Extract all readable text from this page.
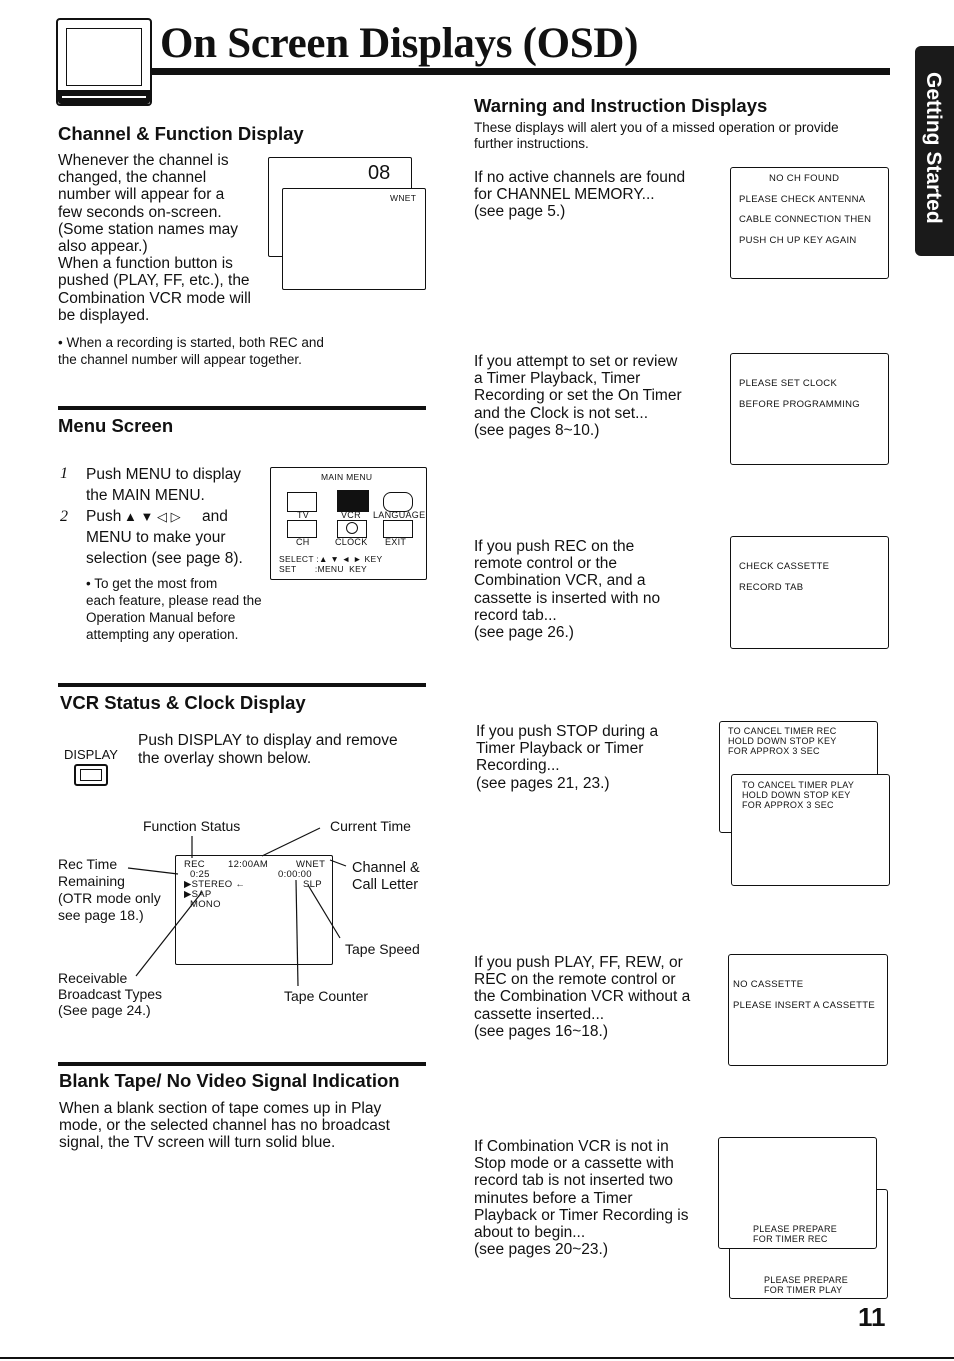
On Screen Displays (OSD)
Getting Started
Channel & Function Display
Whenever the channel is
changed, the channel
number will appear for a
few seconds on-screen.
(Some station names may
also appear.)
When a function button is
pushed (PLAY, FF, etc.), the
Combination VCR mode will
be displayed.
• When a recording is started, both REC and
the channel number will appear together.
08
WNET
Menu Screen
1 Push MENU to display
the MAIN MENU.
2 Push ▲ ▼ ◁ ▷ and
MENU to make your
selection (see page 8).
• To get the most from
each feature, please read the
Operation Manual before
attempting any operation.
MAIN MENU
TV	VCR LANGUAGE
CH	CLOCK EXIT
SELECT :▲ ▼ ◄ ► KEY
SET       :MENU  KEY
VCR Status & Clock Display
DISPLAY
Push DISPLAY to display and remove
the overlay shown below.
Function Status	Current Time
Rec Time
Remaining
(OTR mode only
see page 18.)
Channel &
Call Letter
Tape Speed
Receivable
Broadcast Types
(See page 24.)
Tape Counter
REC 12:00AM	WNET
0:25	0:00:00
▶STEREO ←	SLP
▶SAP
MONO
Blank Tape/ No Video Signal Indication
When a blank section of tape comes up in Play
mode, or the selected channel has no broadcast
signal, the TV screen will turn solid blue.
Warning and Instruction Displays
These displays will alert you of a missed operation or provide
further instructions.
If no active channels are found
for CHANNEL MEMORY...
(see page 5.)
NO CH FOUND
PLEASE CHECK ANTENNA
CABLE CONNECTION THEN
PUSH CH UP KEY AGAIN
If you attempt to set or review
a Timer Playback, Timer
Recording or set the On Timer
and the Clock is not set...
(see pages 8~10.)
PLEASE SET CLOCK
BEFORE PROGRAMMING
If you push REC on the
remote control or the
Combination VCR, and a
cassette is inserted with no
record tab...
(see page 26.)
CHECK CASSETTE
RECORD TAB
If you push STOP during a
Timer Playback or Timer
Recording...
(see pages 21, 23.)
TO CANCEL TIMER REC
HOLD DOWN STOP KEY
FOR APPROX 3 SEC
TO CANCEL TIMER PLAY
HOLD DOWN STOP KEY
FOR APPROX 3 SEC
If you push PLAY, FF, REW, or
REC on the remote control or
the Combination VCR without a
cassette inserted...
(see pages 16~18.)
NO CASSETTE
PLEASE INSERT A CASSETTE
If Combination VCR is not in
Stop mode or a cassette with
record tab is not inserted two
minutes before a Timer
Playback or Timer Recording is
about to begin...
(see pages 20~23.)
PLEASE PREPARE
FOR TIMER PLAY
PLEASE PREPARE
FOR TIMER REC
11
